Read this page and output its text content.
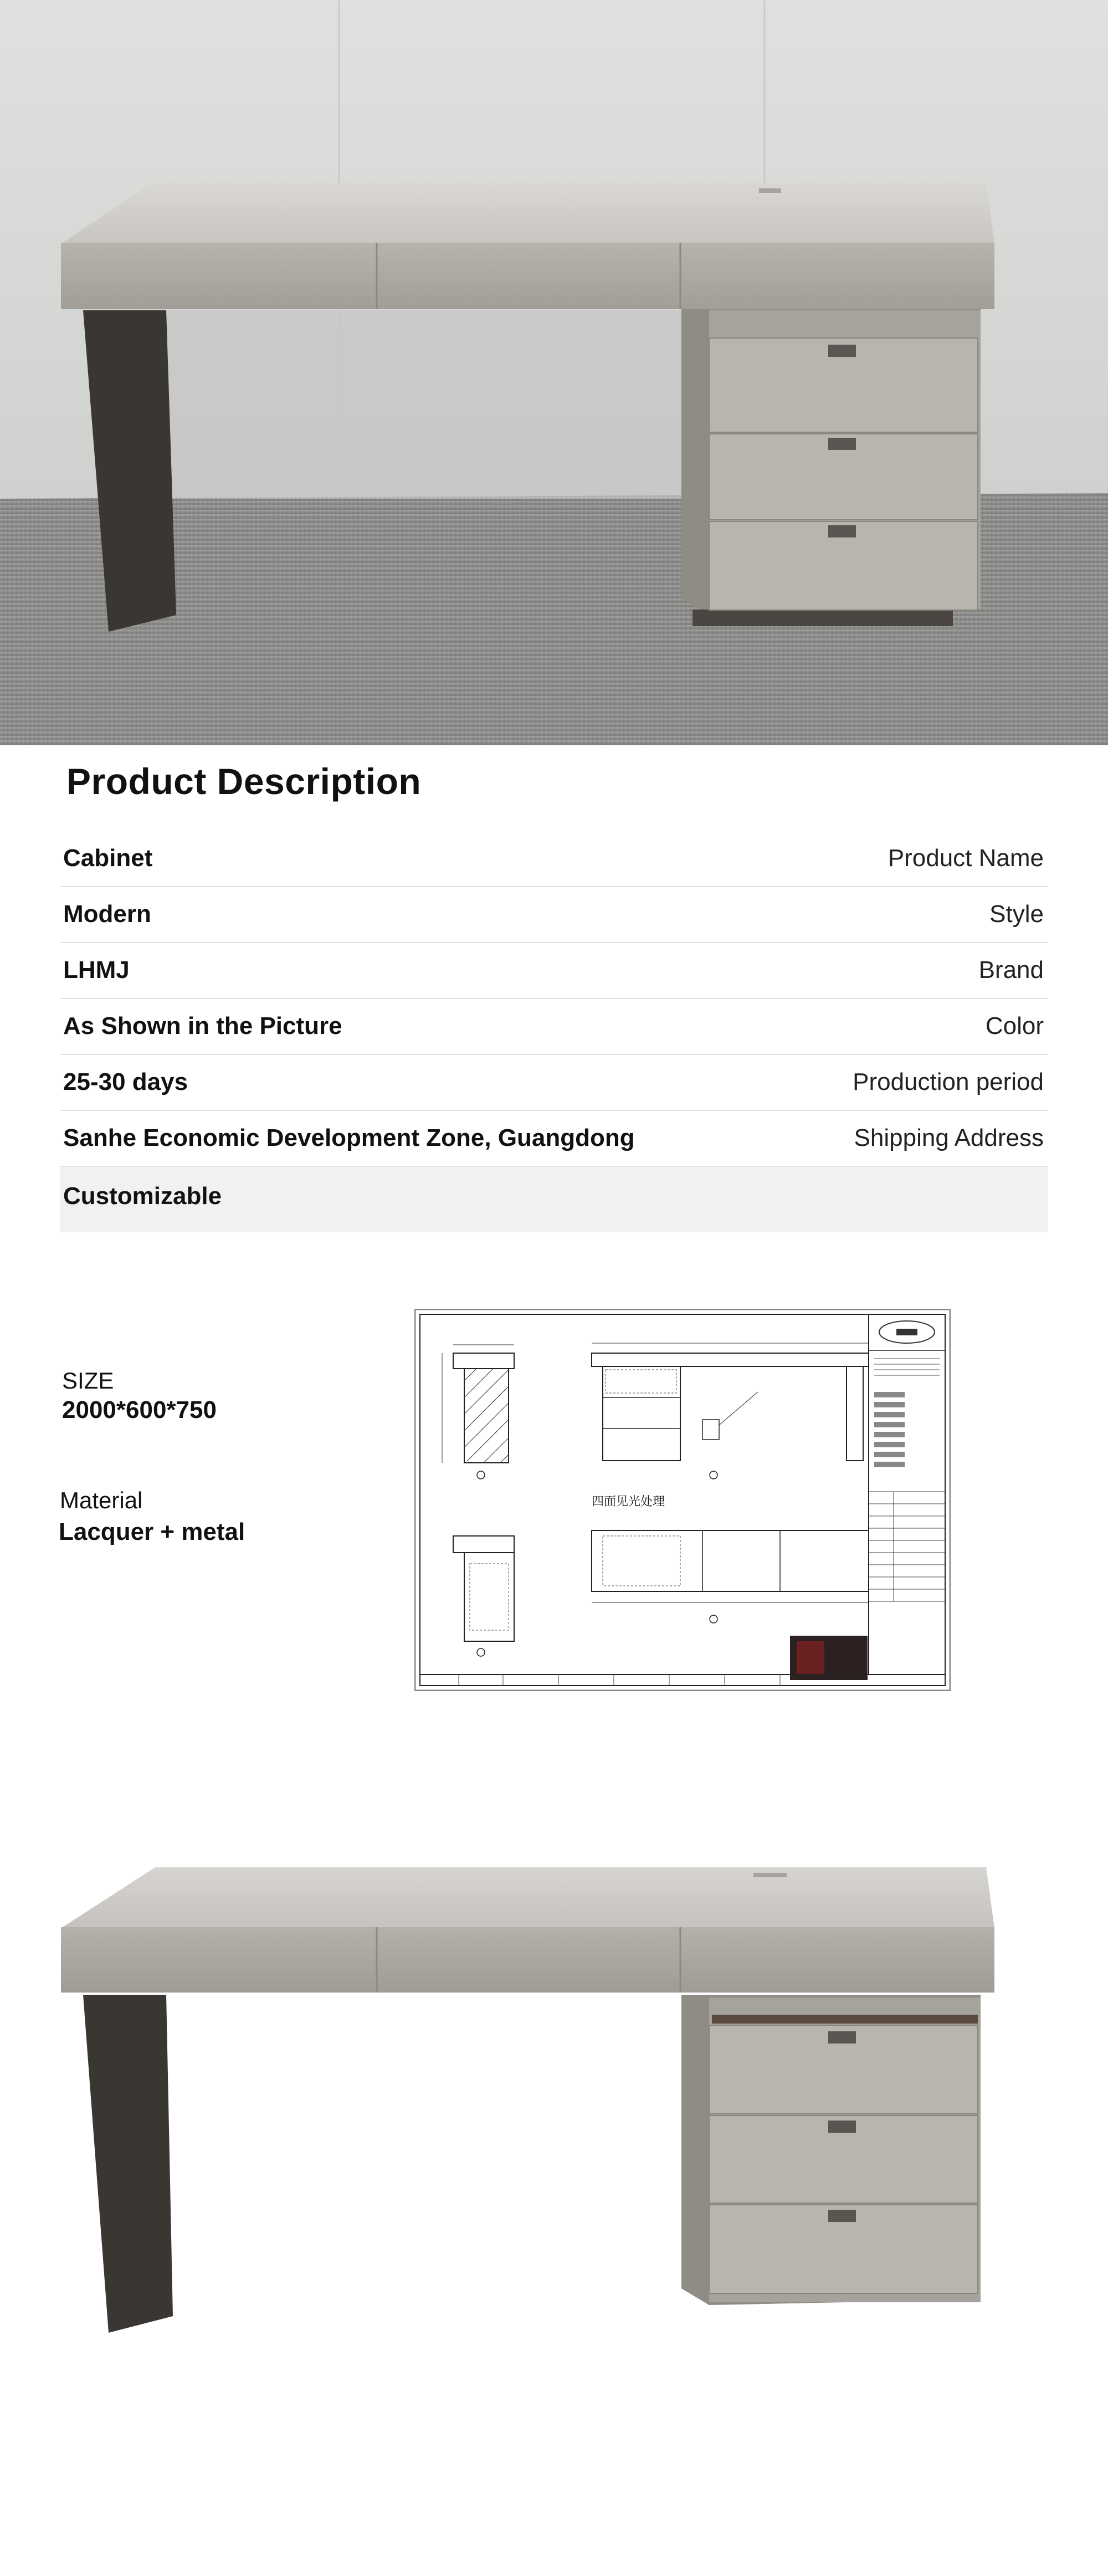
Product Description
Cabinet	Product Name
Modern	Style
LHMJ	Brand
As Shown in the Picture	Color
25-30 days	Production period
Sanhe Economic Development Zone, Guangdong	Shipping Address
Customizable
SIZE
2000*600*750
Material
Lacquer + metal
四面见光处理
